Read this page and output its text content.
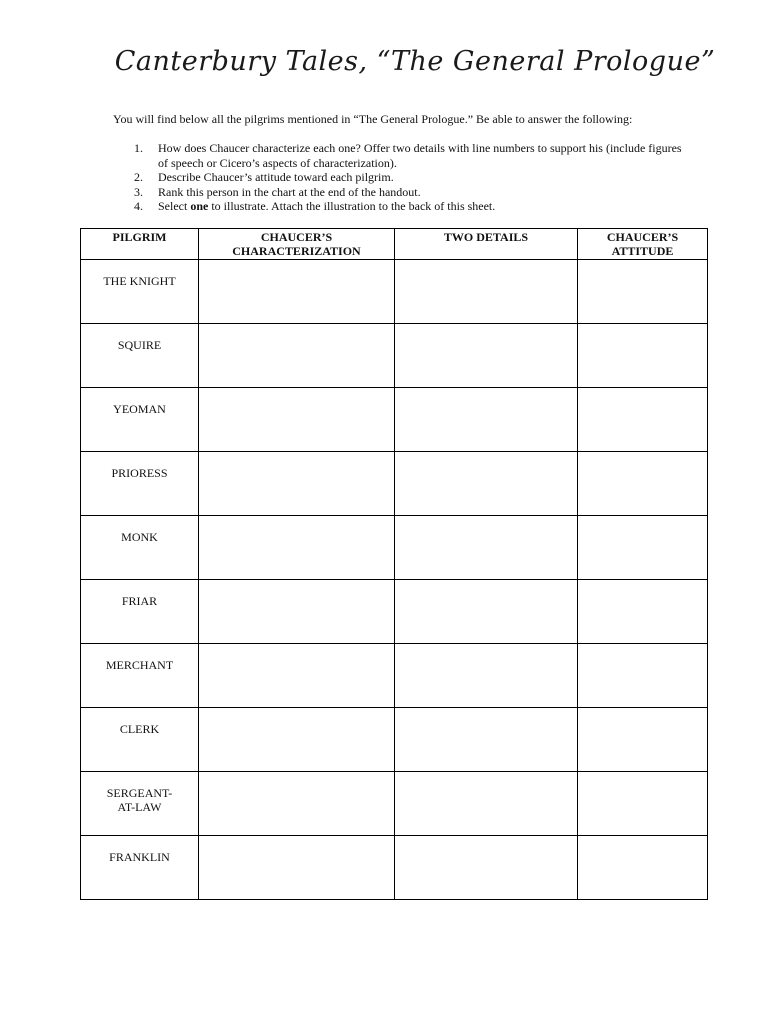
Canterbury Tales, “The General Prologue”
You will find below all the pilgrims mentioned in “The General Prologue.” Be able to answer the following:
1. How does Chaucer characterize each one? Offer two details with line numbers to support his (include figures of speech or Cicero’s aspects of characterization).
2. Describe Chaucer’s attitude toward each pilgrim.
3. Rank this person in the chart at the end of the handout.
4. Select one to illustrate. Attach the illustration to the back of this sheet.
PILGRIM	CHAUCER’S CHARACTERIZATION	TWO DETAILS	CHAUCER’S ATTITUDE
THE KNIGHT			
SQUIRE			
YEOMAN			
PRIORESS			
MONK			
FRIAR			
MERCHANT			
CLERK			
SERGEANT-AT-LAW			
FRANKLIN			
